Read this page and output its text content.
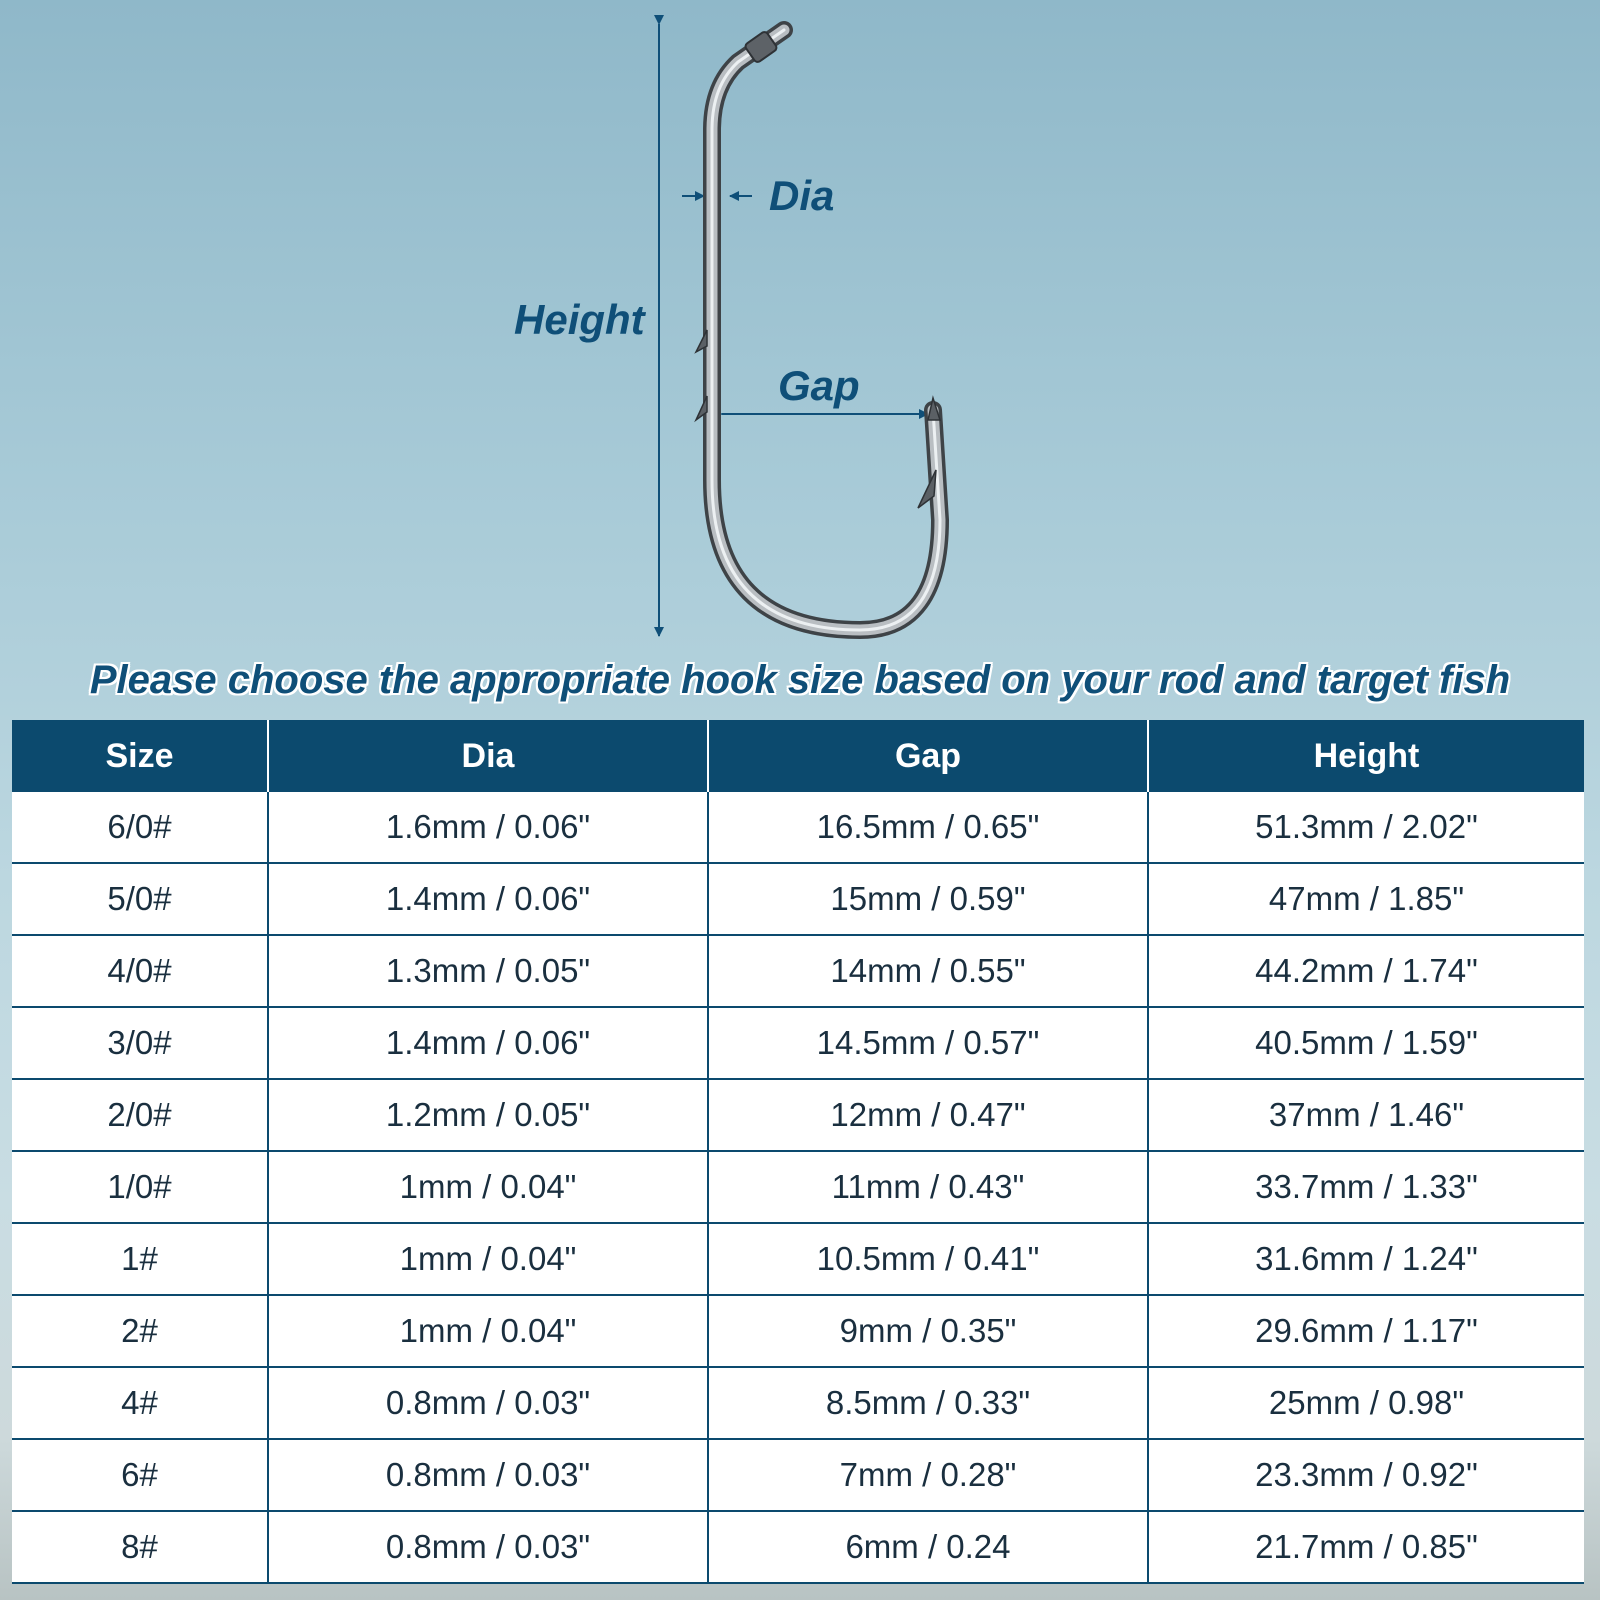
Height
Dia
Gap
Please choose the appropriate hook size based on your rod and target fish
Size	Dia	Gap	Height
6/0#	1.6mm / 0.06"	16.5mm / 0.65"	51.3mm / 2.02"
5/0#	1.4mm / 0.06"	15mm / 0.59"	47mm / 1.85"
4/0#	1.3mm / 0.05"	14mm / 0.55"	44.2mm / 1.74"
3/0#	1.4mm / 0.06"	14.5mm / 0.57"	40.5mm / 1.59"
2/0#	1.2mm / 0.05"	12mm / 0.47"	37mm / 1.46"
1/0#	1mm / 0.04"	11mm / 0.43"	33.7mm / 1.33"
1#	1mm / 0.04"	10.5mm / 0.41"	31.6mm / 1.24"
2#	1mm / 0.04"	9mm / 0.35"	29.6mm / 1.17"
4#	0.8mm / 0.03"	8.5mm / 0.33"	25mm / 0.98"
6#	0.8mm / 0.03"	7mm / 0.28"	23.3mm / 0.92"
8#	0.8mm / 0.03"	6mm / 0.24	21.7mm / 0.85"
